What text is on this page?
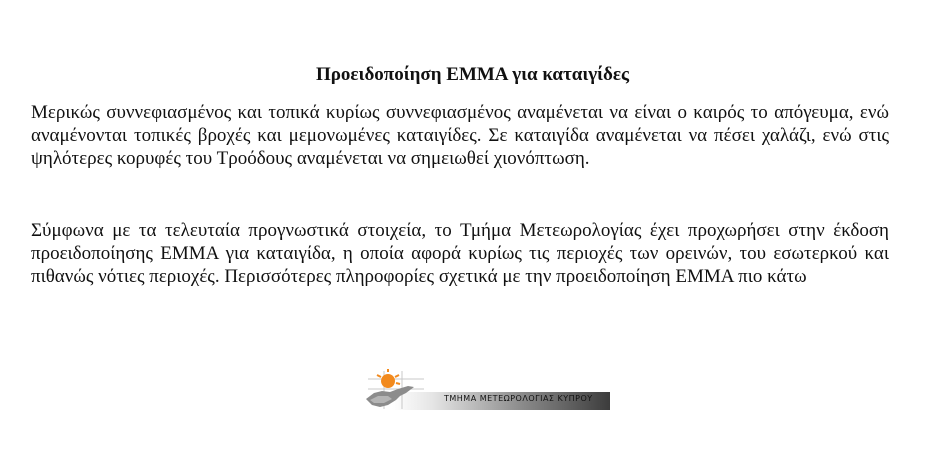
Προειδοποίηση ΕΜΜΑ για καταιγίδες

Μερικώς συννεφιασμένος και τοπικά κυρίως συννεφιασμένος αναμένεται να είναι ο καιρός το απόγευμα, ενώ αναμένονται τοπικές βροχές και μεμονωμένες καταιγίδες. Σε καταιγίδα αναμένεται να πέσει χαλάζι, ενώ στις ψηλότερες κορυφές του Τροόδους αναμένεται να σημειωθεί χιονόπτωση.

Σύμφωνα με τα τελευταία προγνωστικά στοιχεία, το Τμήμα Μετεωρολογίας έχει προχωρήσει στην έκδοση προειδοποίησης ΕΜΜΑ για καταιγίδα, η οποία αφορά κυρίως τις περιοχές των ορεινών, του εσωτερκού και πιθανώς νότιες περιοχές. Περισσότερες πληροφορίες σχετικά με την προειδοποίηση ΕΜΜΑ πιο κάτω

ΤΜΗΜΑ ΜΕΤΕΩΡΟΛΟΓΙΑΣ ΚΥΠΡΟΥ
